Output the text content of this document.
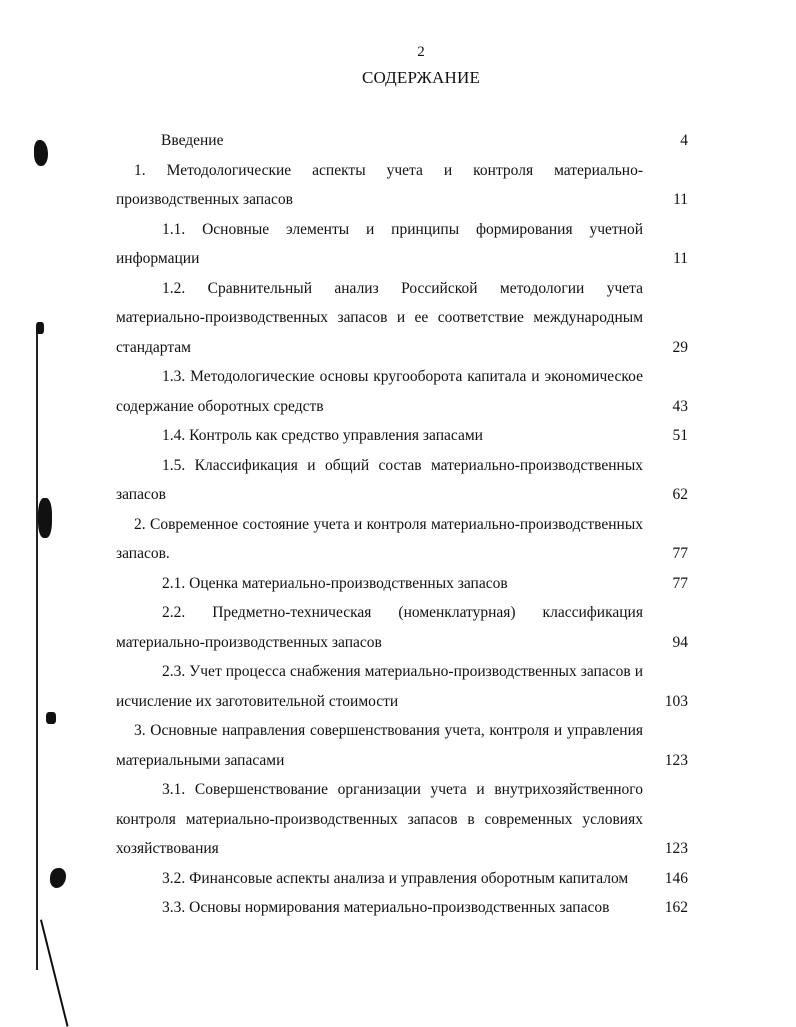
2
СОДЕРЖАНИЕ
Введение	4
1. Методологические аспекты учета и контроля материально-производственных запасов	11
1.1. Основные элементы и принципы формирования учетной информации	11
1.2. Сравнительный анализ Российской методологии учета материально-производственных запасов и ее соответствие международным стандартам	29
1.3. Методологические основы кругооборота капитала и экономическое содержание оборотных средств	43
1.4. Контроль как средство управления запасами	51
1.5. Классификация и общий состав материально-производственных запасов	62
2. Современное состояние учета и контроля материально-производственных запасов.	77
2.1. Оценка материально-производственных запасов	77
2.2. Предметно-техническая (номенклатурная) классификация материально-производственных запасов	94
2.3. Учет процесса снабжения материально-производственных запасов и исчисление их заготовительной стоимости	103
3. Основные направления совершенствования учета, контроля и управления материальными запасами	123
3.1. Совершенствование организации учета и внутрихозяйственного контроля материально-производственных запасов в современных условиях хозяйствования	123
3.2. Финансовые аспекты анализа и управления оборотным капиталом	146
3.3. Основы нормирования материально-производственных запасов	162
